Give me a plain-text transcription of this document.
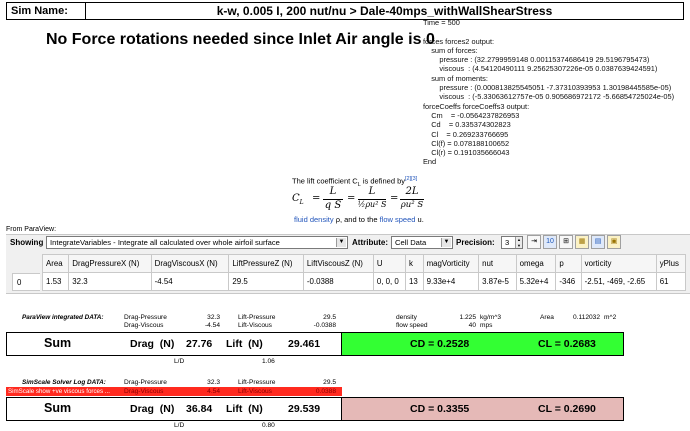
Sim Name:	k-w, 0.005 I, 200 nut/nu > Dale-40mps_withWallShearStress
No Force rotations needed since Inlet Air angle is 0
Time = 500

forces forces2 output:
sum of forces:
pressure : (32.2799959148 0.00115374686419 29.5196795473)
viscous  : (4.54120490111 9.25625307226e-05 0.0387639424591)
sum of moments:
pressure : (0.000813825545051 -7.37310393953 1.30198445585e-05)
viscous  : (-5.33063612757e-05 0.905686972172 -5.66854725024e-05)
forceCoeffs forceCoeffs3 output:
Cm    = -0.0564237826953
Cd    = 0.335374302823
Cl    = 0.269233766695
Cl(f) = 0.078188100652
Cl(r) = 0.191035666043
End
The lift coefficient $C_L$ is defined by[2][3]
$C_L$ =
L
q S
=
L
½ρu² S
=
2L
ρu² S
fluid density ρ, and to the flow speed u.
From ParaView:
Showing IntegrateVariables - Integrate all calculated over whole airfoil surface	▼ Attribute: Cell Data	▼ Precision:	3	▲
▼	⇥	10	⊞	▦	▤	▣
0
Area	DragPressureX (N)	DragViscousX (N)	LiftPressureZ (N)	LiftViscousZ (N)	U	k	magVorticity	nut	omega	p	vorticity	yPlus
1.53	32.3	-4.54	29.5	-0.0388	0, 0, 0	13	9.33e+4	3.87e-5	5.32e+4	-346	-2.51, -469, -2.65	61
ParaView integrated DATA:	Drag-Pressure	32.3	Lift-Pressure	29.5
Drag-Viscous	-4.54	Lift-Viscous	-0.0388
density	1.225 kg/m^3
flow speed	40 mps
Area	0.112032 m^2
Sum	Drag (N) 27.76 Lift (N) 29.461	CD = 0.2528	CL = 0.2683
L/D	1.06
SimScale Solver Log DATA:	Drag-Pressure	32.3	Lift-Pressure	29.5
SimScale show +ve viscous forces ...	Drag-Viscous	4.54	Lift-Viscous	0.0388
Sum	Drag (N) 36.84 Lift (N) 29.539	CD = 0.3355	CL = 0.2690
L/D	0.80
